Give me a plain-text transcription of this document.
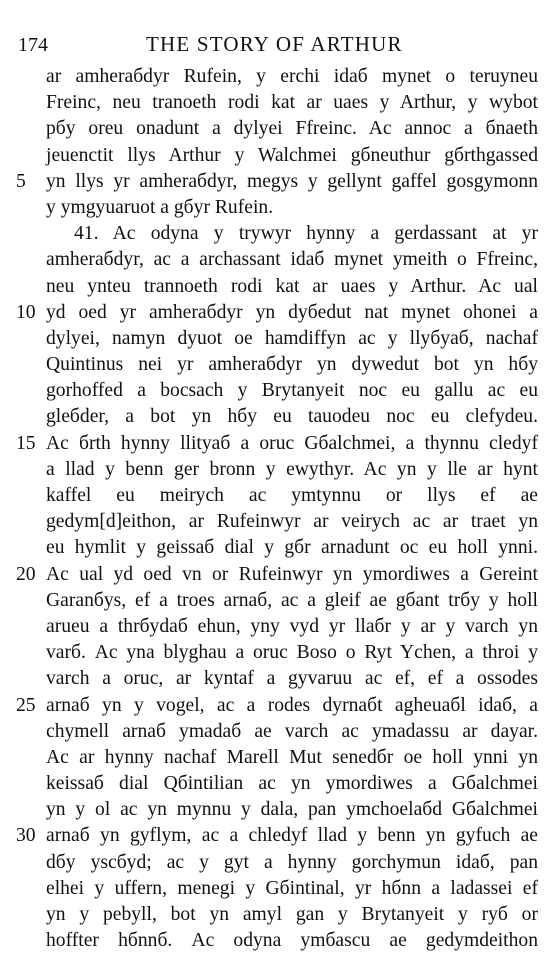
174	THE STORY OF ARTHUR
ar amheraбdyr Rufein, y erchi idaб mynet o teruyneu
Freinc, neu tranoeth rodi kat ar uaes y Arthur, y wybot
pбy oreu onadunt a dylyei Ffreinc. Ac annoc a бnaeth
jeuenctit llys Arthur y Walchmei gбneuthur gбrthgassed
5	yn llys yr amheraбdyr, megys y gellynt gaffel gosgymonn
y ymgyuaruot a gбyr Rufein.
41. Ac odyna y trywyr hynny a gerdassant at yr
amheraбdyr, ac a archassant idaб mynet ymeith o Ffreinc,
neu ynteu trannoeth rodi kat ar uaes y Arthur. Ac ual
10 yd oed yr amheraбdyr yn dyбedut nat mynet ohonei a
dylyei, namyn dyuot oe hamdiffyn ac y llyбyaб, nachaf
Quintinus nei yr amheraбdyr yn dywedut bot yn hбy
gorhoffed a bocsach y Brytanyeit noc eu gallu ac eu
gleбder, a bot yn hбy eu tauodeu noc eu clefydeu.
15 Ac бrth hynny llityaб a oruc Gбalchmei, a thynnu cledyf
a llad y benn ger bronn y ewythyr. Ac yn y lle ar hynt
kaffel eu meirych ac ymtynnu or llys ef ae
gedym[d]eithon, ar Rufeinwyr ar veirych ac ar traet yn
eu hymlit y geissaб dial y gбr arnadunt oc eu holl ynni.
20 Ac ual yd oed vn or Rufeinwyr yn ymordiwes a Gereint
Garanбys, ef a troes arnaб, ac a gleif ae gбant trбy y holl
arueu a thrбydaб ehun, yny vyd yr llaбr y ar y varch yn
varб. Ac yna blyghau a oruc Boso o Ryt Ychen, a throi y
varch a oruc, ar kyntaf a gyvaruu ac ef, ef a ossodes
25 arnaб yn y vogel, ac a rodes dyrnaбt agheuaбl idaб, a
chymell arnaб ymadaб ae varch ac ymadassu ar dayar.
Ac ar hynny nachaf Marell Mut senedбr oe holl ynni yn
keissaб dial Qбintilian ac yn ymordiwes a Gбalchmei
yn y ol ac yn mynnu y dala, pan ymchoelaбd Gбalchmei
30 arnaб yn gyflym, ac a chledyf llad y benn yn gyfuch ae
dбy yscбyd; ac y gyt a hynny gorchymun idaб, pan
elhei y uffern, menegi y Gбintinal, yr hбnn a ladassei ef
yn y pebyll, bot yn amyl gan y Brytanyeit y ryб or
hoffter hбnnб. Ac odyna ymбascu ae gedymdeithon
